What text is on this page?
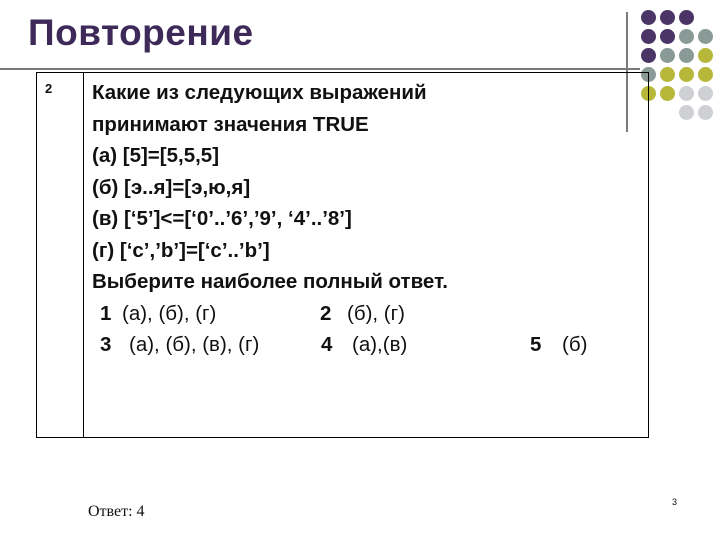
Повторение
2 Какие из следующих выражений
принимают значения TRUE
(а) [5]=[5,5,5]
(б) [э..я]=[э,ю,я]
(в) [‘5’]<=[‘0’..’6’,’9’, ‘4’..’8’]
(г) [‘c’,’b’]=[‘c’..’b’]
Выберите наиболее полный ответ.
1 (а), (б), (г)	2 (б), (г)
3 (а), (б), (в), (г)	4 (а),(в)	5 (б)
Ответ: 4
3
